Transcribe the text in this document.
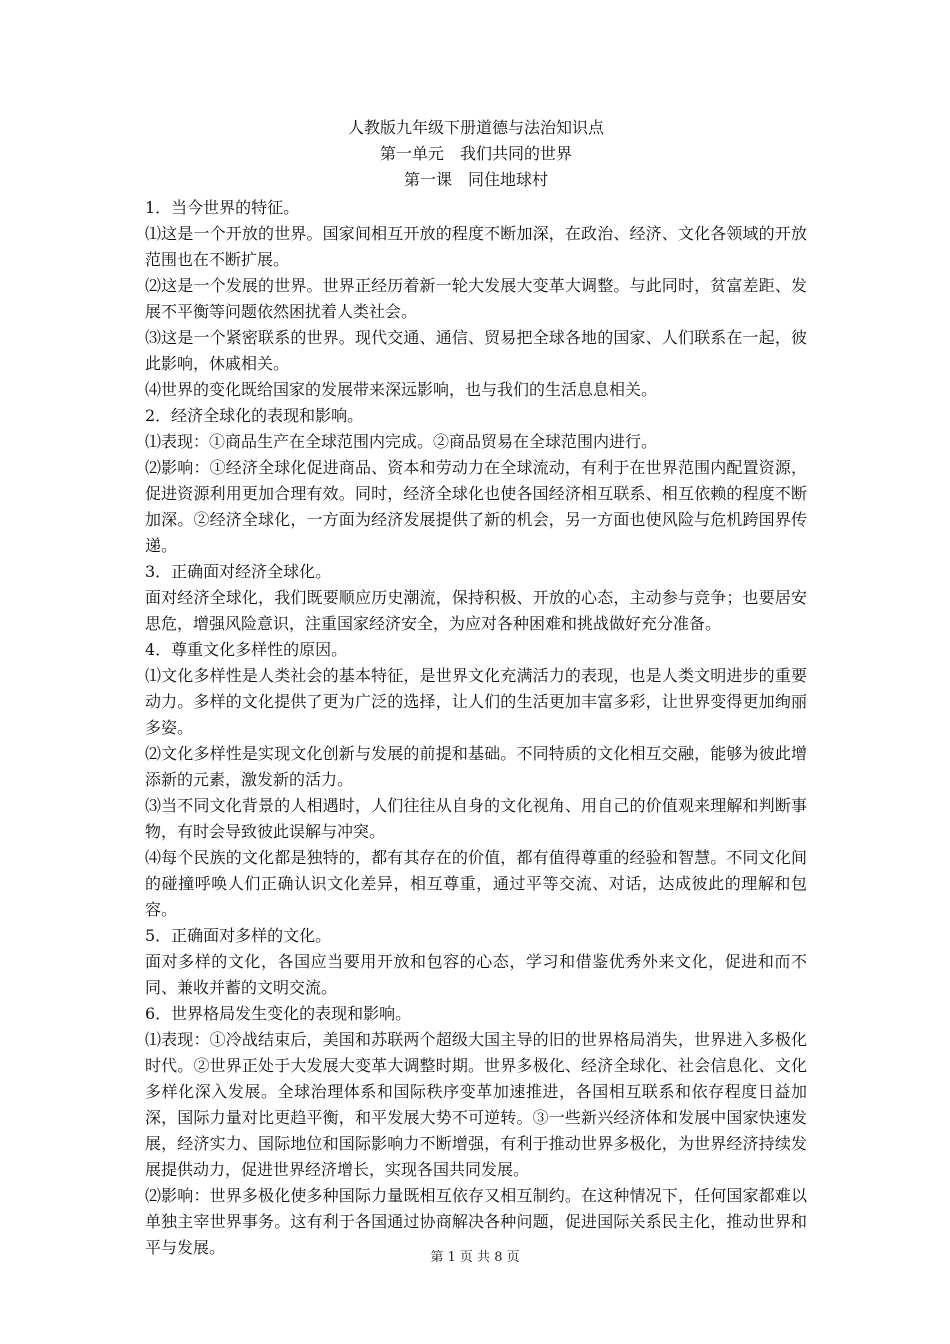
人教版九年级下册道德与法治知识点

第一单元　我们共同的世界

第一课　同住地球村

1．当今世界的特征。

⑴这是一个开放的世界。国家间相互开放的程度不断加深，在政治、经济、文化各领域的开放范围也在不断扩展。

⑵这是一个发展的世界。世界正经历着新一轮大发展大变革大调整。与此同时，贫富差距、发展不平衡等问题依然困扰着人类社会。

⑶这是一个紧密联系的世界。现代交通、通信、贸易把全球各地的国家、人们联系在一起，彼此影响，休戚相关。

⑷世界的变化既给国家的发展带来深远影响，也与我们的生活息息相关。

2．经济全球化的表现和影响。

⑴表现：①商品生产在全球范围内完成。②商品贸易在全球范围内进行。

⑵影响：①经济全球化促进商品、资本和劳动力在全球流动，有利于在世界范围内配置资源，促进资源利用更加合理有效。同时，经济全球化也使各国经济相互联系、相互依赖的程度不断加深。②经济全球化，一方面为经济发展提供了新的机会，另一方面也使风险与危机跨国界传递。

3．正确面对经济全球化。

面对经济全球化，我们既要顺应历史潮流，保持积极、开放的心态，主动参与竞争；也要居安思危，增强风险意识，注重国家经济安全，为应对各种困难和挑战做好充分准备。

4．尊重文化多样性的原因。

⑴文化多样性是人类社会的基本特征，是世界文化充满活力的表现，也是人类文明进步的重要动力。多样的文化提供了更为广泛的选择，让人们的生活更加丰富多彩，让世界变得更加绚丽多姿。

⑵文化多样性是实现文化创新与发展的前提和基础。不同特质的文化相互交融，能够为彼此增添新的元素，激发新的活力。

⑶当不同文化背景的人相遇时，人们往往从自身的文化视角、用自己的价值观来理解和判断事物，有时会导致彼此误解与冲突。

⑷每个民族的文化都是独特的，都有其存在的价值，都有值得尊重的经验和智慧。不同文化间的碰撞呼唤人们正确认识文化差异，相互尊重，通过平等交流、对话，达成彼此的理解和包容。

5．正确面对多样的文化。

面对多样的文化，各国应当要用开放和包容的心态，学习和借鉴优秀外来文化，促进和而不同、兼收并蓄的文明交流。

6．世界格局发生变化的表现和影响。

⑴表现：①冷战结束后，美国和苏联两个超级大国主导的旧的世界格局消失，世界进入多极化时代。②世界正处于大发展大变革大调整时期。世界多极化、经济全球化、社会信息化、文化多样化深入发展。全球治理体系和国际秩序变革加速推进，各国相互联系和依存程度日益加深，国际力量对比更趋平衡，和平发展大势不可逆转。③一些新兴经济体和发展中国家快速发展，经济实力、国际地位和国际影响力不断增强，有利于推动世界多极化，为世界经济持续发展提供动力，促进世界经济增长，实现各国共同发展。

⑵影响：世界多极化使多种国际力量既相互依存又相互制约。在这种情况下，任何国家都难以单独主宰世界事务。这有利于各国通过协商解决各种问题，促进国际关系民主化，推动世界和平与发展。

第 1 页 共 8 页
